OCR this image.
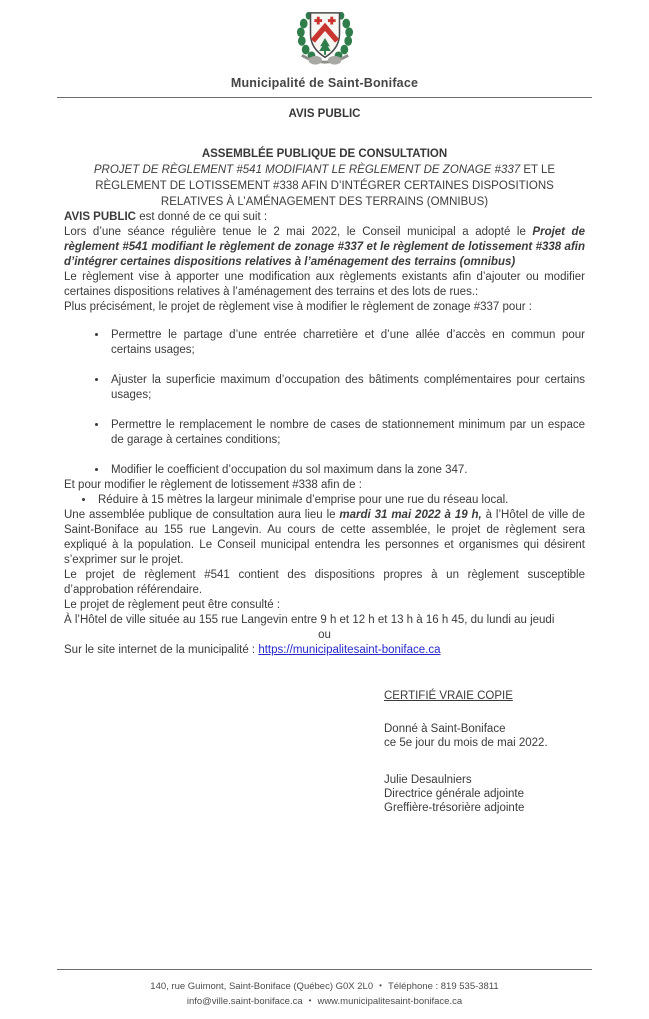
Municipalité de Saint-Boniface
AVIS PUBLIC
ASSEMBLÉE PUBLIQUE DE CONSULTATION

PROJET DE RÈGLEMENT #541 MODIFIANT LE RÈGLEMENT DE ZONAGE #337 ET LE RÈGLEMENT DE LOTISSEMENT #338 AFIN D’INTÉGRER CERTAINES DISPOSITIONS RELATIVES À L’AMÉNAGEMENT DES TERRAINS (OMNIBUS)

AVIS PUBLIC est donné de ce qui suit :

Lors d’une séance régulière tenue le 2 mai 2022, le Conseil municipal a adopté le Projet de règlement #541 modifiant le règlement de zonage #337 et le règlement de lotissement #338 afin d’intégrer certaines dispositions relatives à l’aménagement des terrains (omnibus)

Le règlement vise à apporter une modification aux règlements existants afin d’ajouter ou modifier certaines dispositions relatives à l’aménagement des terrains et des lots de rues.:

Plus précisément, le projet de règlement vise à modifier le règlement de zonage #337 pour :

• Permettre le partage d’une entrée charretière et d’une allée d’accès en commun pour certains usages;
• Ajuster la superficie maximum d’occupation des bâtiments complémentaires pour certains usages;
• Permettre le remplacement le nombre de cases de stationnement minimum par un espace de garage à certaines conditions;
• Modifier le coefficient d’occupation du sol maximum dans la zone 347.

Et pour modifier le règlement de lotissement #338 afin de :

• Réduire à 15 mètres la largeur minimale d’emprise pour une rue du réseau local.

Une assemblée publique de consultation aura lieu le mardi 31 mai 2022 à 19 h, à l’Hôtel de ville de Saint-Boniface au 155 rue Langevin. Au cours de cette assemblée, le projet de règlement sera expliqué à la population. Le Conseil municipal entendra les personnes et organismes qui désirent s’exprimer sur le projet.

Le projet de règlement #541 contient des dispositions propres à un règlement susceptible d’approbation référendaire.

Le projet de règlement peut être consulté :

À l’Hôtel de ville située au 155 rue Langevin entre 9 h et 12 h et 13 h à 16 h 45, du lundi au jeudi

ou

Sur le site internet de la municipalité : https://municipalitesaint-boniface.ca

CERTIFIÉ VRAIE COPIE
Donné à Saint-Boniface
ce 5e jour du mois de mai 2022.
Julie Desaulniers
Directrice générale adjointe
Greffière-trésorière adjointe
140, rue Guimont, Saint-Boniface (Québec) G0X 2L0 • Téléphone : 819 535-3811
info@ville.saint-boniface.ca • www.municipalitesaint-boniface.ca
